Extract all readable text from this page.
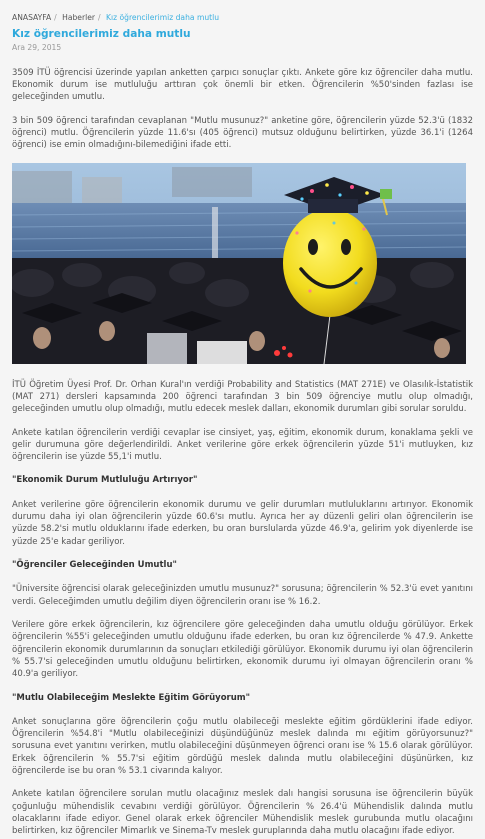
ANASAYFA / Haberler / Kız öğrencilerimiz daha mutlu
Kız öğrencilerimiz daha mutlu
Ara 29, 2015

3509 İTÜ öğrencisi üzerinde yapılan anketten çarpıcı sonuçlar çıktı. Ankete göre kız öğrenciler daha mutlu. Ekonomik durum ise mutluluğu arttıran çok önemli bir etken. Öğrencilerin %50'sinden fazlası ise geleceğinden umutlu.

3 bin 509 öğrenci tarafından cevaplanan "Mutlu musunuz?" anketine göre, öğrencilerin yüzde 52.3'ü (1832 öğrenci) mutlu. Öğrencilerin yüzde 11.6'sı (405 öğrenci) mutsuz olduğunu belirtirken, yüzde 36.1'i (1264 öğrenci) ise emin olmadığını-bilemediğini ifade etti.

İTÜ Öğretim Üyesi Prof. Dr. Orhan Kural'ın verdiği Probability and Statistics (MAT 271E) ve Olasılık-İstatistik (MAT 271) dersleri kapsamında 200 öğrenci tarafından 3 bin 509 öğrenciye mutlu olup olmadığı, geleceğinden umutlu olup olmadığı, mutlu edecek meslek dalları, ekonomik durumları gibi sorular soruldu.

Ankete katılan öğrencilerin verdiği cevaplar ise cinsiyet, yaş, eğitim, ekonomik durum, konaklama şekli ve gelir durumuna göre değerlendirildi. Anket verilerine göre erkek öğrencilerin yüzde 51'i mutluyken, kız öğrencilerin ise yüzde 55,1'i mutlu.

"Ekonomik Durum Mutluluğu Artırıyor"

Anket verilerine göre öğrencilerin ekonomik durumu ve gelir durumları mutluluklarını artırıyor. Ekonomik durumu daha iyi olan öğrencilerin yüzde 60.6'sı mutlu. Ayrıca her ay düzenli geliri olan öğrencilerin ise yüzde 58.2'si mutlu olduklarını ifade ederken, bu oran burslularda yüzde 46.9'a, gelirim yok diyenlerde ise yüzde 25'e kadar geriliyor.

"Öğrenciler Geleceğinden Umutlu"

"Üniversite öğrencisi olarak geleceğinizden umutlu musunuz?" sorusuna; öğrencilerin % 52.3'ü evet yanıtını verdi. Geleceğimden umutlu değilim diyen öğrencilerin oranı ise % 16.2.

Verilere göre erkek öğrencilerin, kız öğrencilere göre geleceğinden daha umutlu olduğu görülüyor. Erkek öğrencilerin %55'i geleceğinden umutlu olduğunu ifade ederken, bu oran kız öğrencilerde % 47.9. Ankette öğrencilerin ekonomik durumlarının da sonuçları etkilediği görülüyor. Ekonomik durumu iyi olan öğrencilerin % 55.7'si geleceğinden umutlu olduğunu belirtirken, ekonomik durumu iyi olmayan öğrencilerin oranı % 40.9'a geriliyor.

"Mutlu Olabileceğim Meslekte Eğitim Görüyorum"

Anket sonuçlarına göre öğrencilerin çoğu mutlu olabileceği meslekte eğitim gördüklerini ifade ediyor. Öğrencilerin %54.8'i "Mutlu olabileceğinizi düşündüğünüz meslek dalında mı eğitim görüyorsunuz?" sorusuna evet yanıtını verirken, mutlu olabileceğini düşünmeyen öğrenci oranı ise % 15.6 olarak görülüyor. Erkek öğrencilerin % 55.7'si eğitim gördüğü meslek dalında mutlu olabileceğini düşünürken, kız öğrencilerde ise bu oran % 53.1 civarında kalıyor.

Ankete katılan öğrencilere sorulan mutlu olacağınız meslek dalı hangisi sorusuna ise öğrencilerin büyük çoğunluğu mühendislik cevabını verdiği görülüyor. Öğrencilerin % 26.4'ü Mühendislik dalında mutlu olacaklarını ifade ediyor. Genel olarak erkek öğrenciler Mühendislik meslek gurubunda mutlu olacağını belirtirken, kız öğrenciler Mimarlık ve Sinema-Tv meslek guruplarında daha mutlu olacağını ifade ediyor.
